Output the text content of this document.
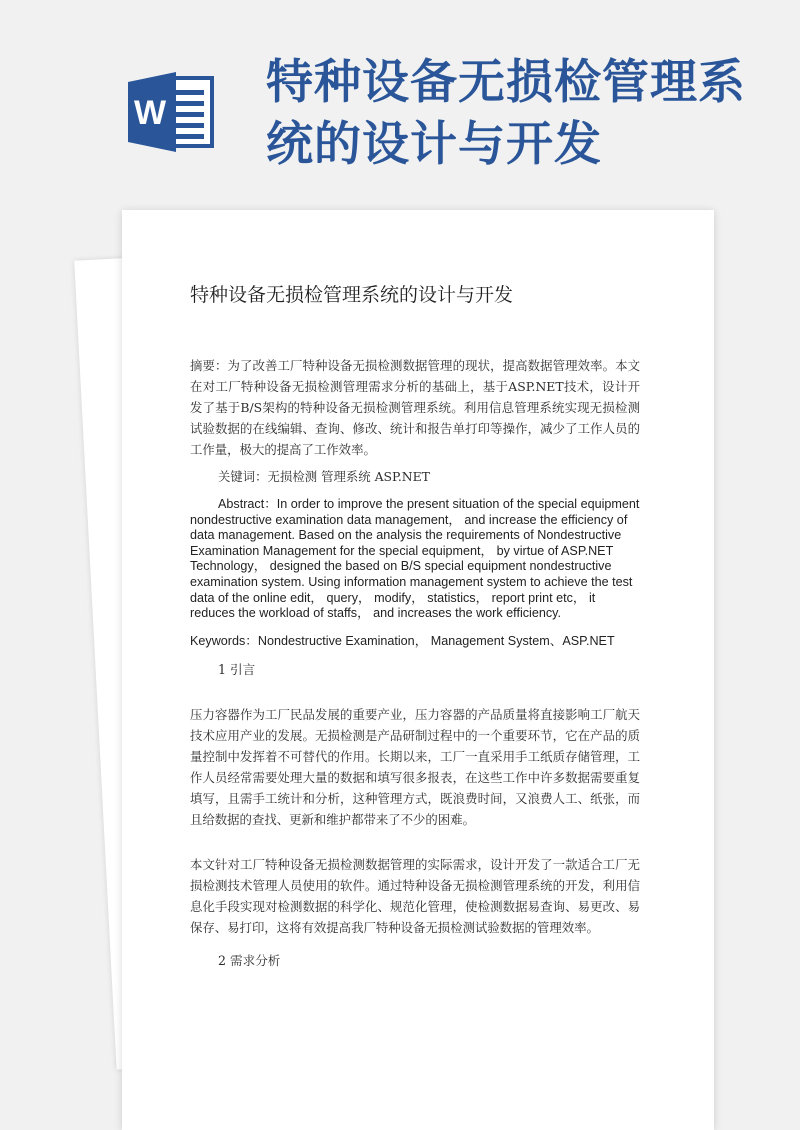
W
特种设备无损检管理系统的设计与开发
特种设备无损检管理系统的设计与开发

摘要：为了改善工厂特种设备无损检测数据管理的现状，提高数据管理效率。本文在对工厂特种设备无损检测管理需求分析的基础上，基于ASP.NET技术，设计开发了基于B/S架构的特种设备无损检测管理系统。利用信息管理系统实现无损检测试验数据的在线编辑、查询、修改、统计和报告单打印等操作，减少了工作人员的工作量，极大的提高了工作效率。

关键词：无损检测 管理系统 ASP.NET

Abstract：In order to improve the present situation of the special equipment nondestructive examination data management， and increase the efficiency of data management. Based on the analysis the requirements of Nondestructive Examination Management for the special equipment， by virtue of ASP.NET Technology， designed the based on B/S special equipment nondestructive examination system. Using information management system to achieve the test data of the online edit， query， modify， statistics， report print etc， it reduces the workload of staffs， and increases the work efficiency.

Keywords：Nondestructive Examination， Management System、ASP.NET

1 引言

压力容器作为工厂民品发展的重要产业，压力容器的产品质量将直接影响工厂航天技术应用产业的发展。无损检测是产品研制过程中的一个重要环节，它在产品的质量控制中发挥着不可替代的作用。长期以来，工厂一直采用手工纸质存储管理，工作人员经常需要处理大量的数据和填写很多报表，在这些工作中许多数据需要重复填写，且需手工统计和分析，这种管理方式，既浪费时间，又浪费人工、纸张，而且给数据的查找、更新和维护都带来了不少的困难。

本文针对工厂特种设备无损检测数据管理的实际需求，设计开发了一款适合工厂无损检测技术管理人员使用的软件。通过特种设备无损检测管理系统的开发，利用信息化手段实现对检测数据的科学化、规范化管理，使检测数据易查询、易更改、易保存、易打印，这将有效提高我厂特种设备无损检测试验数据的管理效率。

2 需求分析
